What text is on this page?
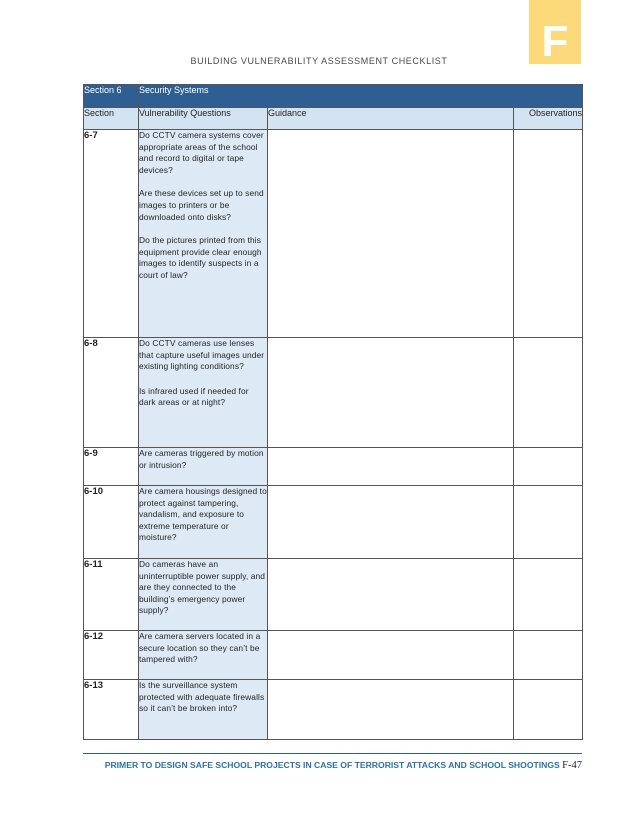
F
BUILDING VULNERABILITY ASSESSMENT CHECKLIST
Section 6	Security Systems		
Section	Vulnerability Questions	Guidance	Observations
6-7	Do CCTV camera systems cover appropriate areas of the school and record to digital or tape devices?
Are these devices set up to send images to printers or be downloaded onto disks?
Do the pictures printed from this equipment provide clear enough images to identify suspects in a court of law?		

6-8	Do CCTV cameras use lenses that capture useful images under existing lighting conditions?
Is infrared used if needed for dark areas or at night?		

6-9	Are cameras triggered by motion or intrusion?		

6-10	Are camera housings designed to protect against tampering, vandalism, and exposure to extreme temperature or moisture?		

6-11	Do cameras have an uninterruptible power supply, and are they connected to the building’s emergency power supply?		

6-12	Are camera servers located in a secure location so they can’t be tampered with?		

6-13	Is the surveillance system protected with adequate firewalls so it can’t be broken into?		

PRIMER TO DESIGN SAFE SCHOOL PROJECTS IN CASE OF TERRORIST ATTACKS AND SCHOOL SHOOTINGS F-47
